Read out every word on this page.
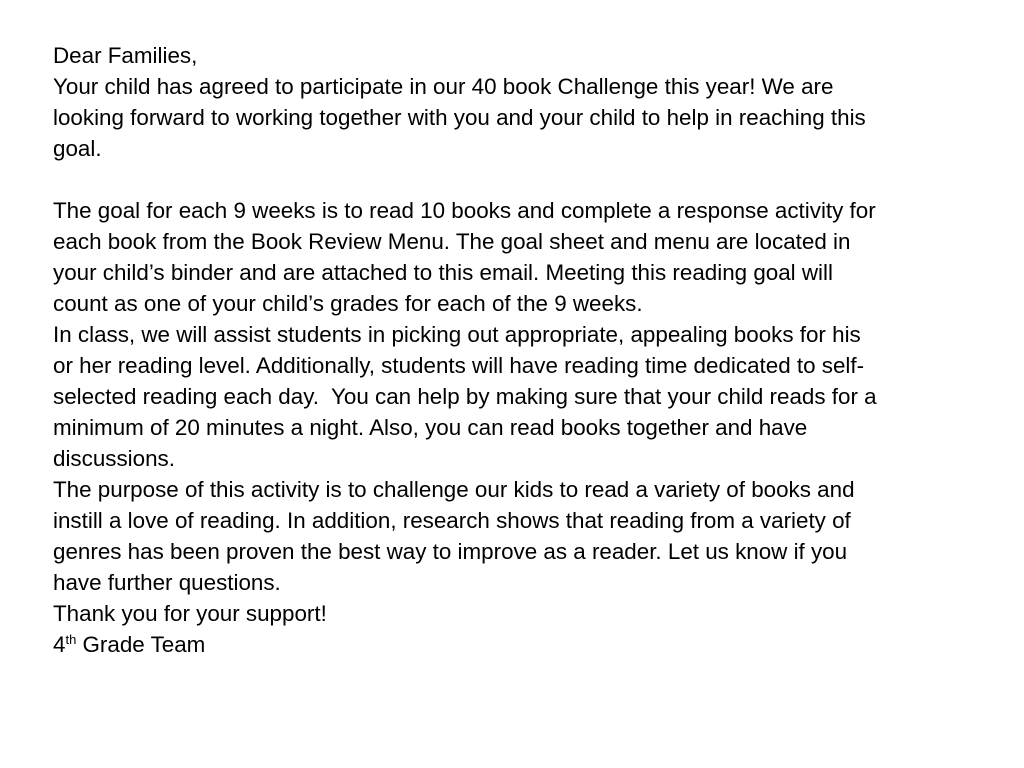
Dear Families,
Your child has agreed to participate in our 40 book Challenge this year! We are
looking forward to working together with you and your child to help in reaching this
goal.
The goal for each 9 weeks is to read 10 books and complete a response activity for
each book from the Book Review Menu. The goal sheet and menu are located in
your child’s binder and are attached to this email. Meeting this reading goal will
count as one of your child’s grades for each of the 9 weeks.
In class, we will assist students in picking out appropriate, appealing books for his
or her reading level. Additionally, students will have reading time dedicated to self-
selected reading each day.  You can help by making sure that your child reads for a
minimum of 20 minutes a night. Also, you can read books together and have
discussions.
The purpose of this activity is to challenge our kids to read a variety of books and
instill a love of reading. In addition, research shows that reading from a variety of
genres has been proven the best way to improve as a reader. Let us know if you
have further questions.
Thank you for your support!
4th Grade Team
